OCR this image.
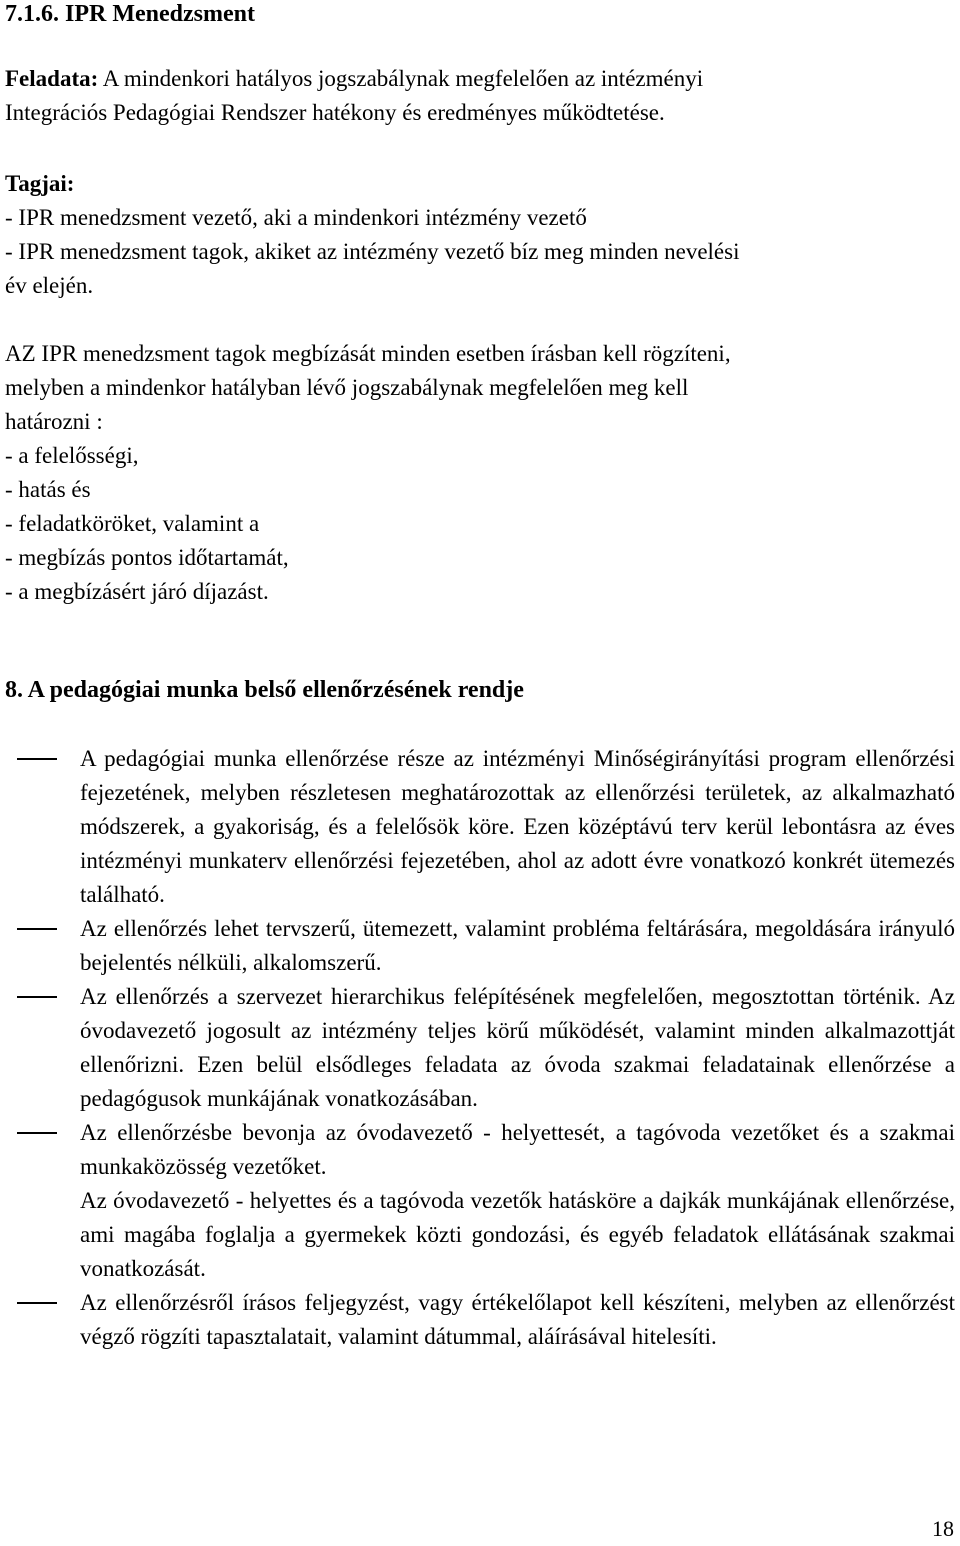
7.1.6. IPR Menedzsment
Feladata: A mindenkori hatályos jogszabálynak megfelelően az intézményi
Integrációs Pedagógiai Rendszer hatékony és eredményes működtetése.
Tagjai:
- IPR menedzsment vezető, aki a mindenkori intézmény vezető
- IPR menedzsment tagok, akiket az intézmény vezető bíz meg minden nevelési
év elején.
AZ IPR menedzsment tagok megbízását minden esetben írásban kell rögzíteni,
melyben a mindenkor hatályban lévő jogszabálynak megfelelően meg kell
határozni :
- a felelősségi,
- hatás és
- feladatköröket, valamint a
- megbízás pontos időtartamát,
- a megbízásért járó díjazást.
8. A pedagógiai munka belső ellenőrzésének rendje

A pedagógiai munka ellenőrzése része az intézményi Minőségirányítási program ellenőrzési fejezetének, melyben részletesen meghatározottak az ellenőrzési területek, az alkalmazható módszerek, a gyakoriság, és a felelősök köre. Ezen középtávú terv kerül lebontásra az éves intézményi munkaterv ellenőrzési fejezetében, ahol az adott évre vonatkozó konkrét ütemezés található.

Az ellenőrzés lehet tervszerű, ütemezett, valamint probléma feltárására, megoldására irányuló bejelentés nélküli, alkalomszerű.

Az ellenőrzés a szervezet hierarchikus felépítésének megfelelően, megosztottan történik. Az óvodavezető jogosult az intézmény teljes körű működését, valamint minden alkalmazottját ellenőrizni. Ezen belül elsődleges feladata az óvoda szakmai feladatainak ellenőrzése a pedagógusok munkájának vonatkozásában.

Az ellenőrzésbe bevonja az óvodavezető - helyettesét, a tagóvoda vezetőket és a szakmai munkaközösség vezetőket.

Az óvodavezető - helyettes és a tagóvoda vezetők hatásköre a dajkák munkájának ellenőrzése, ami magába foglalja a gyermekek közti gondozási, és egyéb feladatok ellátásának szakmai vonatkozását.

Az ellenőrzésről írásos feljegyzést, vagy értékelőlapot kell készíteni, melyben az ellenőrzést végző rögzíti tapasztalatait, valamint dátummal, aláírásával hitelesíti.

18
